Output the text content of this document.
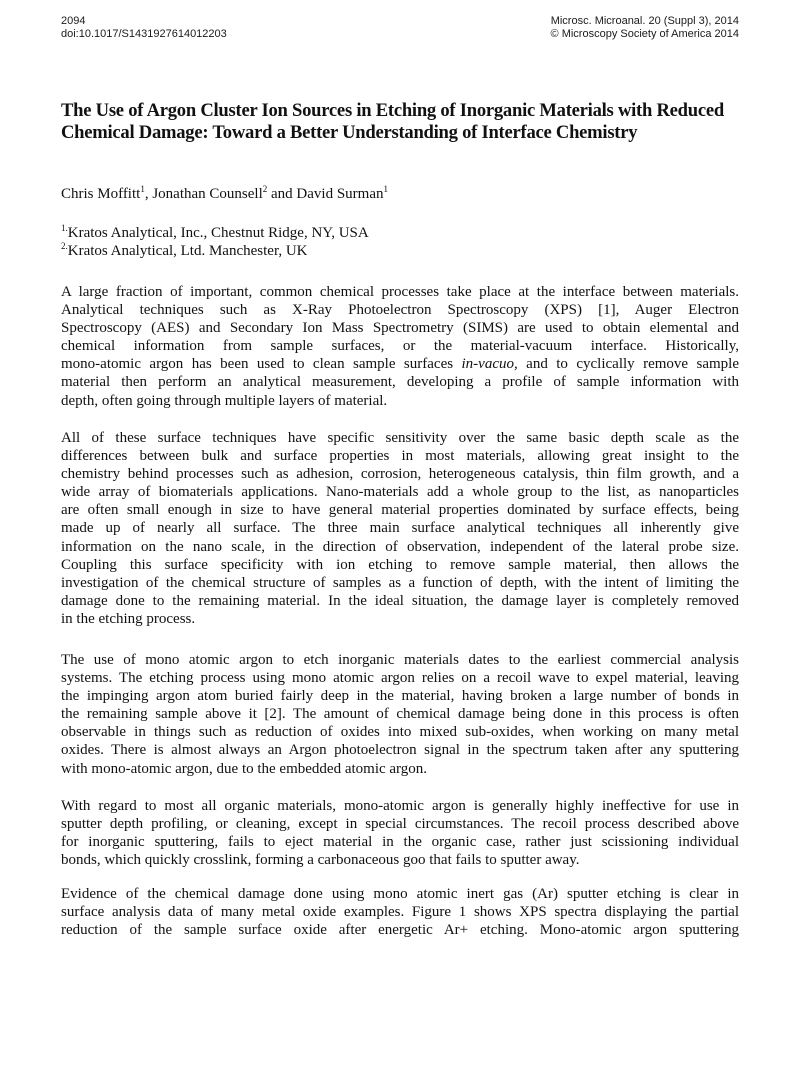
2094
doi:10.1017/S1431927614012203
Microsc. Microanal. 20 (Suppl 3), 2014
© Microscopy Society of America 2014
The Use of Argon Cluster Ion Sources in Etching of Inorganic Materials with Reduced Chemical Damage: Toward a Better Understanding of Interface Chemistry
Chris Moffitt$^1$, Jonathan Counsell$^2$ and David Surman$^1$
$^{1.}$Kratos Analytical, Inc., Chestnut Ridge, NY, USA
$^{2.}$Kratos Analytical, Ltd. Manchester, UK
A large fraction of important, common chemical processes take place at the interface between materials.
Analytical techniques such as X-Ray Photoelectron Spectroscopy (XPS) [1], Auger Electron
Spectroscopy (AES) and Secondary Ion Mass Spectrometry (SIMS) are used to obtain elemental and
chemical information from sample surfaces, or the material-vacuum interface. Historically,
mono-atomic argon has been used to clean sample surfaces in-vacuo, and to cyclically remove sample
material then perform an analytical measurement, developing a profile of sample information with
depth, often going through multiple layers of material.
All of these surface techniques have specific sensitivity over the same basic depth scale as the
differences between bulk and surface properties in most materials, allowing great insight to the
chemistry behind processes such as adhesion, corrosion, heterogeneous catalysis, thin film growth, and a
wide array of biomaterials applications. Nano-materials add a whole group to the list, as nanoparticles
are often small enough in size to have general material properties dominated by surface effects, being
made up of nearly all surface. The three main surface analytical techniques all inherently give
information on the nano scale, in the direction of observation, independent of the lateral probe size.
Coupling this surface specificity with ion etching to remove sample material, then allows the
investigation of the chemical structure of samples as a function of depth, with the intent of limiting the
damage done to the remaining material. In the ideal situation, the damage layer is completely removed
in the etching process.
The use of mono atomic argon to etch inorganic materials dates to the earliest commercial analysis
systems. The etching process using mono atomic argon relies on a recoil wave to expel material, leaving
the impinging argon atom buried fairly deep in the material, having broken a large number of bonds in
the remaining sample above it [2]. The amount of chemical damage being done in this process is often
observable in things such as reduction of oxides into mixed sub-oxides, when working on many metal
oxides. There is almost always an Argon photoelectron signal in the spectrum taken after any sputtering
with mono-atomic argon, due to the embedded atomic argon.
With regard to most all organic materials, mono-atomic argon is generally highly ineffective for use in
sputter depth profiling, or cleaning, except in special circumstances. The recoil process described above
for inorganic sputtering, fails to eject material in the organic case, rather just scissioning individual
bonds, which quickly crosslink, forming a carbonaceous goo that fails to sputter away.
Evidence of the chemical damage done using mono atomic inert gas (Ar) sputter etching is clear in
surface analysis data of many metal oxide examples. Figure 1 shows XPS spectra displaying the partial
reduction of the sample surface oxide after energetic Ar+ etching. Mono-atomic argon sputtering
